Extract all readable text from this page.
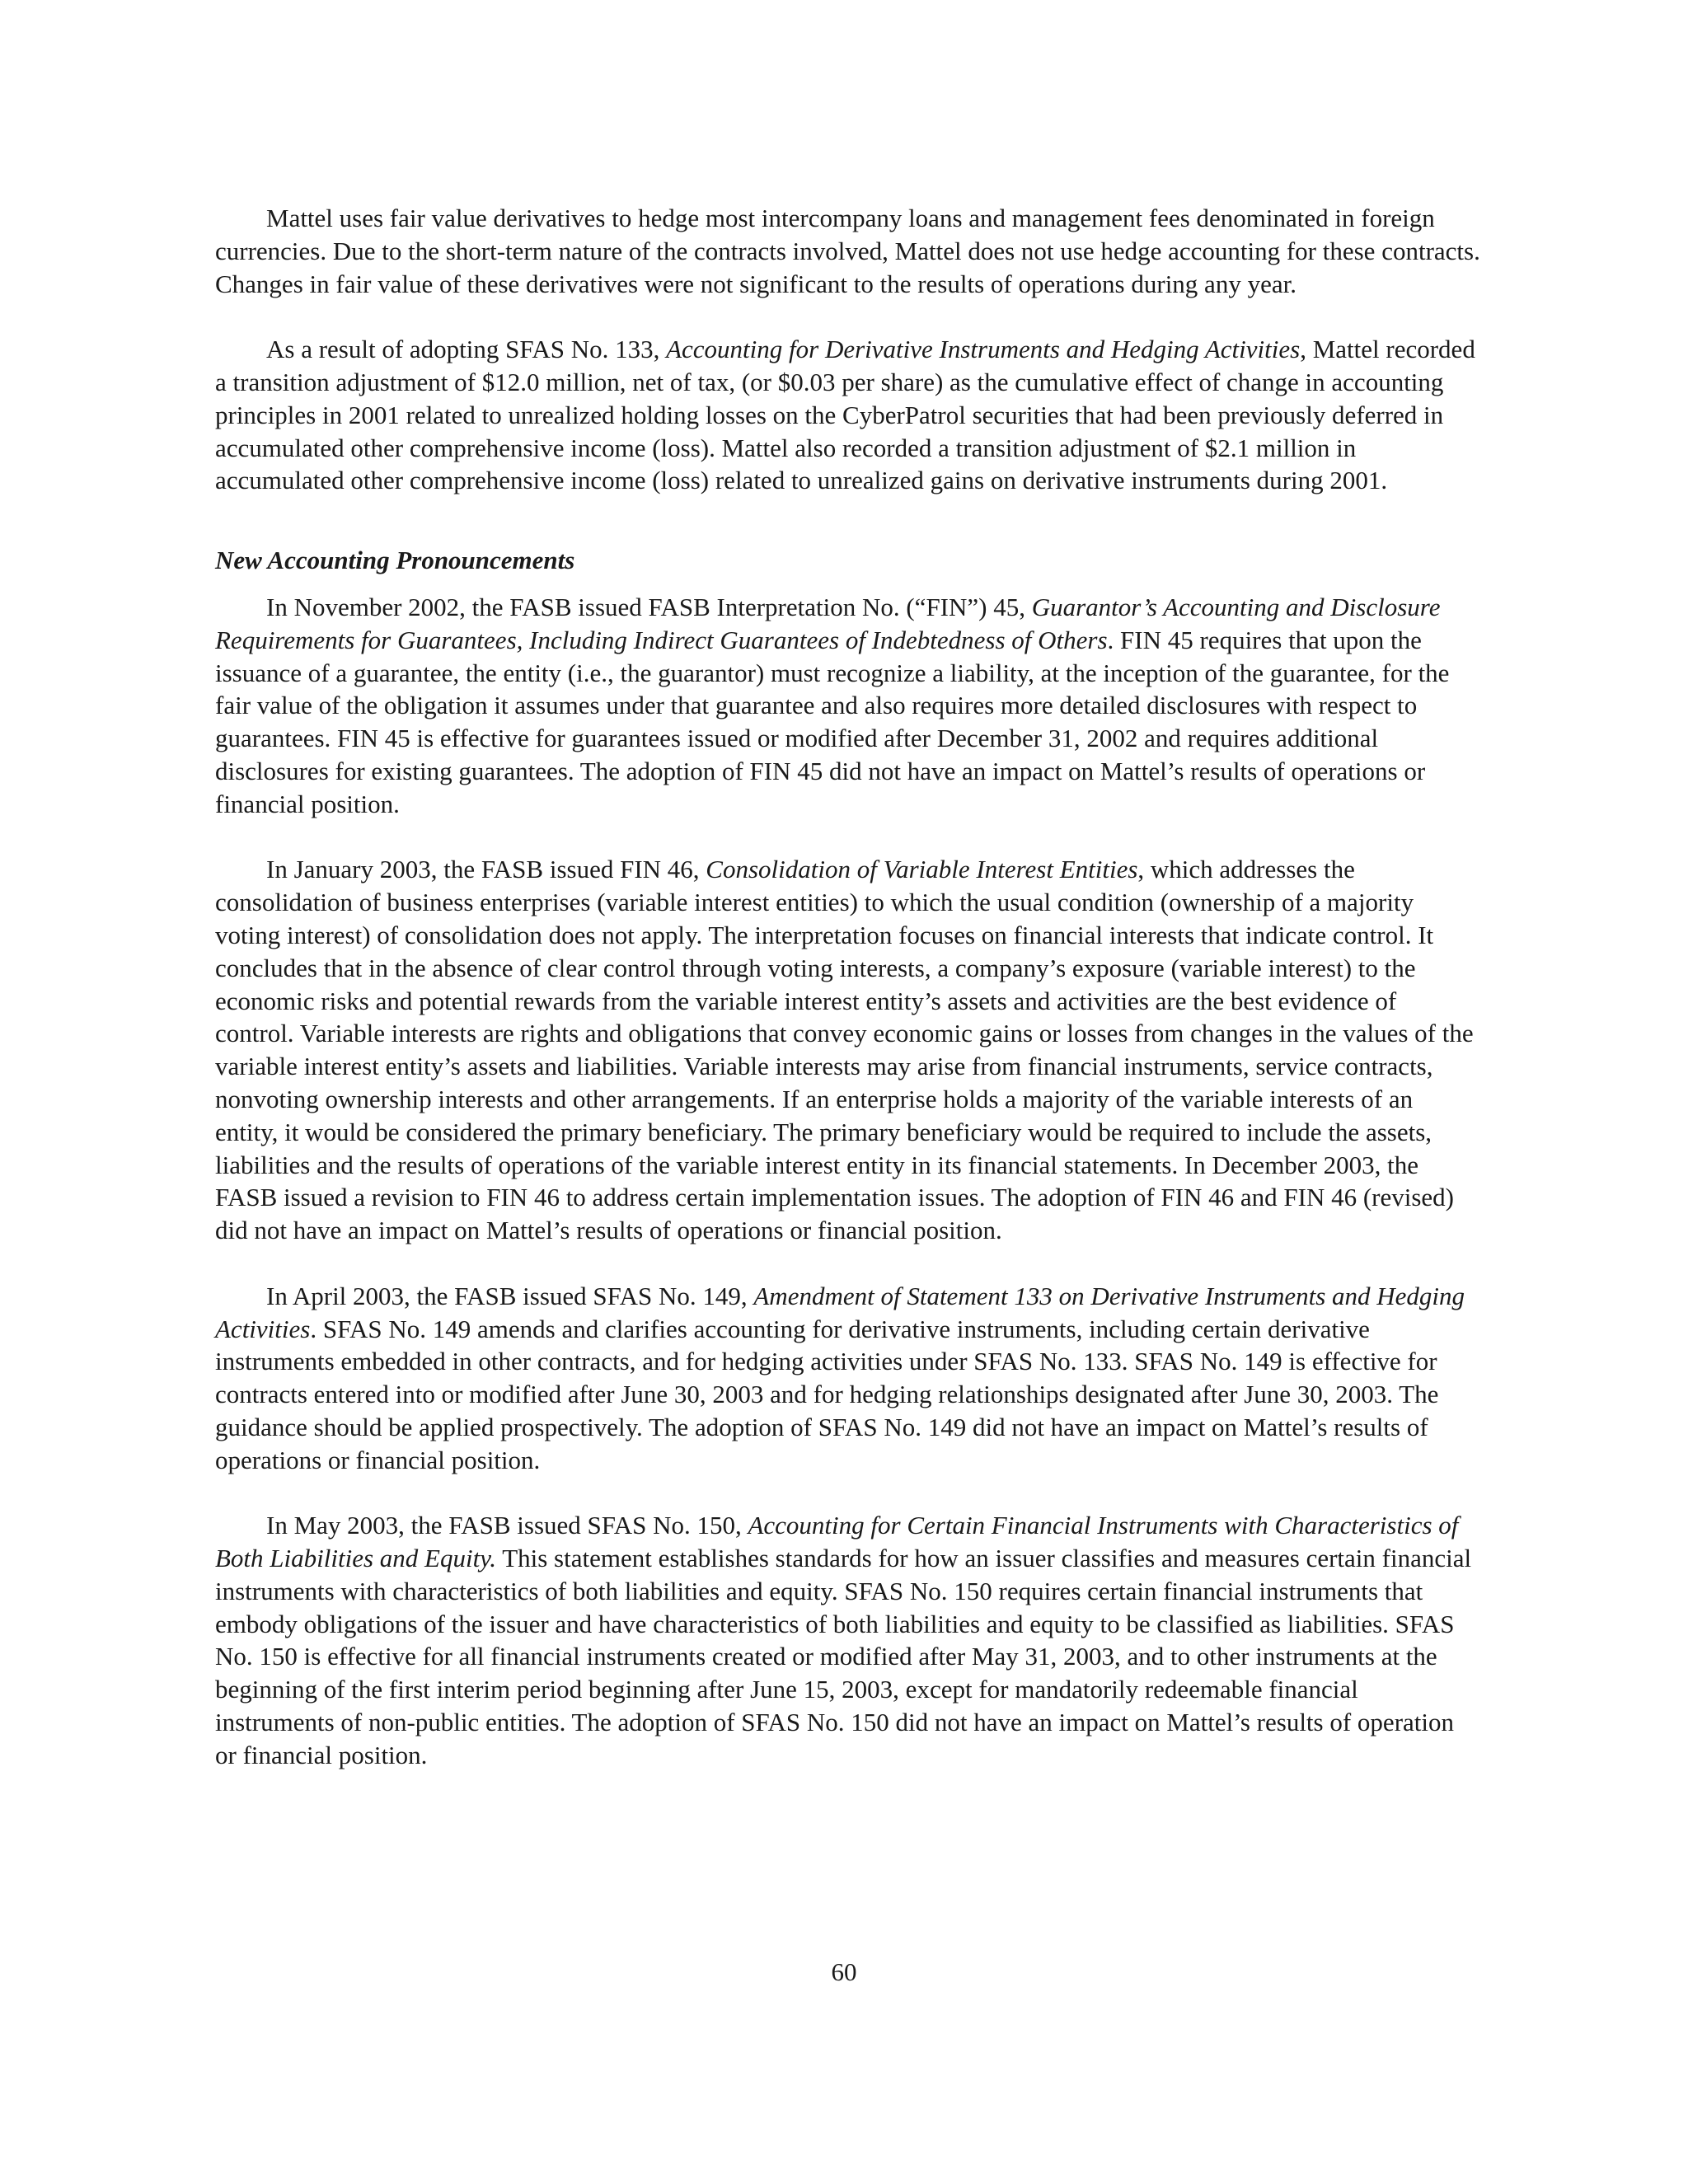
Mattel uses fair value derivatives to hedge most intercompany loans and management fees denominated in foreign currencies. Due to the short-term nature of the contracts involved, Mattel does not use hedge accounting for these contracts. Changes in fair value of these derivatives were not significant to the results of operations during any year.

As a result of adopting SFAS No. 133, Accounting for Derivative Instruments and Hedging Activities, Mattel recorded a transition adjustment of $12.0 million, net of tax, (or $0.03 per share) as the cumulative effect of change in accounting principles in 2001 related to unrealized holding losses on the CyberPatrol securities that had been previously deferred in accumulated other comprehensive income (loss). Mattel also recorded a transition adjustment of $2.1 million in accumulated other comprehensive income (loss) related to unrealized gains on derivative instruments during 2001.

New Accounting Pronouncements

In November 2002, the FASB issued FASB Interpretation No. (“FIN”) 45, Guarantor’s Accounting and Disclosure Requirements for Guarantees, Including Indirect Guarantees of Indebtedness of Others. FIN 45 requires that upon the issuance of a guarantee, the entity (i.e., the guarantor) must recognize a liability, at the inception of the guarantee, for the fair value of the obligation it assumes under that guarantee and also requires more detailed disclosures with respect to guarantees. FIN 45 is effective for guarantees issued or modified after December 31, 2002 and requires additional disclosures for existing guarantees. The adoption of FIN 45 did not have an impact on Mattel’s results of operations or financial position.

In January 2003, the FASB issued FIN 46, Consolidation of Variable Interest Entities, which addresses the consolidation of business enterprises (variable interest entities) to which the usual condition (ownership of a majority voting interest) of consolidation does not apply. The interpretation focuses on financial interests that indicate control. It concludes that in the absence of clear control through voting interests, a company’s exposure (variable interest) to the economic risks and potential rewards from the variable interest entity’s assets and activities are the best evidence of control. Variable interests are rights and obligations that convey economic gains or losses from changes in the values of the variable interest entity’s assets and liabilities. Variable interests may arise from financial instruments, service contracts, nonvoting ownership interests and other arrangements. If an enterprise holds a majority of the variable interests of an entity, it would be considered the primary beneficiary. The primary beneficiary would be required to include the assets, liabilities and the results of operations of the variable interest entity in its financial statements. In December 2003, the FASB issued a revision to FIN 46 to address certain implementation issues. The adoption of FIN 46 and FIN 46 (revised) did not have an impact on Mattel’s results of operations or financial position.

In April 2003, the FASB issued SFAS No. 149, Amendment of Statement 133 on Derivative Instruments and Hedging Activities. SFAS No. 149 amends and clarifies accounting for derivative instruments, including certain derivative instruments embedded in other contracts, and for hedging activities under SFAS No. 133. SFAS No. 149 is effective for contracts entered into or modified after June 30, 2003 and for hedging relationships designated after June 30, 2003. The guidance should be applied prospectively. The adoption of SFAS No. 149 did not have an impact on Mattel’s results of operations or financial position.

In May 2003, the FASB issued SFAS No. 150, Accounting for Certain Financial Instruments with Characteristics of Both Liabilities and Equity. This statement establishes standards for how an issuer classifies and measures certain financial instruments with characteristics of both liabilities and equity. SFAS No. 150 requires certain financial instruments that embody obligations of the issuer and have characteristics of both liabilities and equity to be classified as liabilities. SFAS No. 150 is effective for all financial instruments created or modified after May 31, 2003, and to other instruments at the beginning of the first interim period beginning after June 15, 2003, except for mandatorily redeemable financial instruments of non-public entities. The adoption of SFAS No. 150 did not have an impact on Mattel’s results of operation or financial position.

60
